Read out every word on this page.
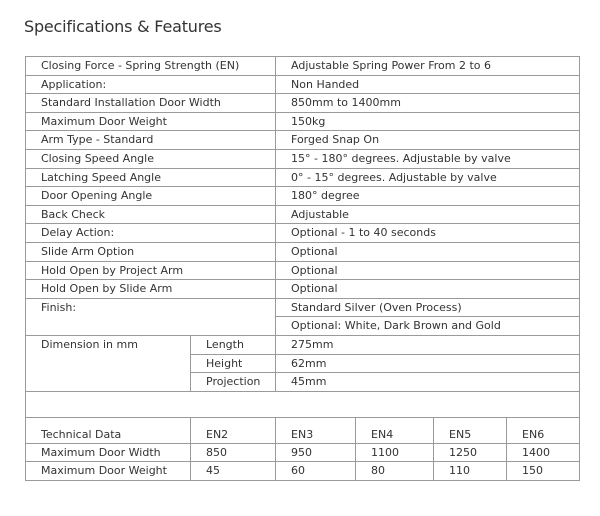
Specifications & Features
Closing Force - Spring Strength (EN)		Adjustable Spring Power From 2 to 6			
Application:		Non Handed			
Standard Installation Door Width		850mm to 1400mm			
Maximum Door Weight		150kg			
Arm Type - Standard		Forged Snap On			
Closing Speed Angle		15° - 180° degrees. Adjustable by valve			
Latching Speed Angle		0° - 15° degrees. Adjustable by valve			
Door Opening Angle		180° degree			
Back Check		Adjustable			
Delay Action:		Optional - 1 to 40 seconds			
Slide Arm Option		Optional			
Hold Open by Project Arm		Optional			
Hold Open by Slide Arm		Optional			
Finish:		Standard Silver (Oven Process)			
		Optional: White, Dark Brown and Gold			
Dimension in mm	Length	275mm			
	Height	62mm			
	Projection	45mm			

Technical Data	EN2	EN3	EN4	EN5	EN6
Maximum Door Width	850	950	1100	1250	1400
Maximum Door Weight	45	60	80	110	150
